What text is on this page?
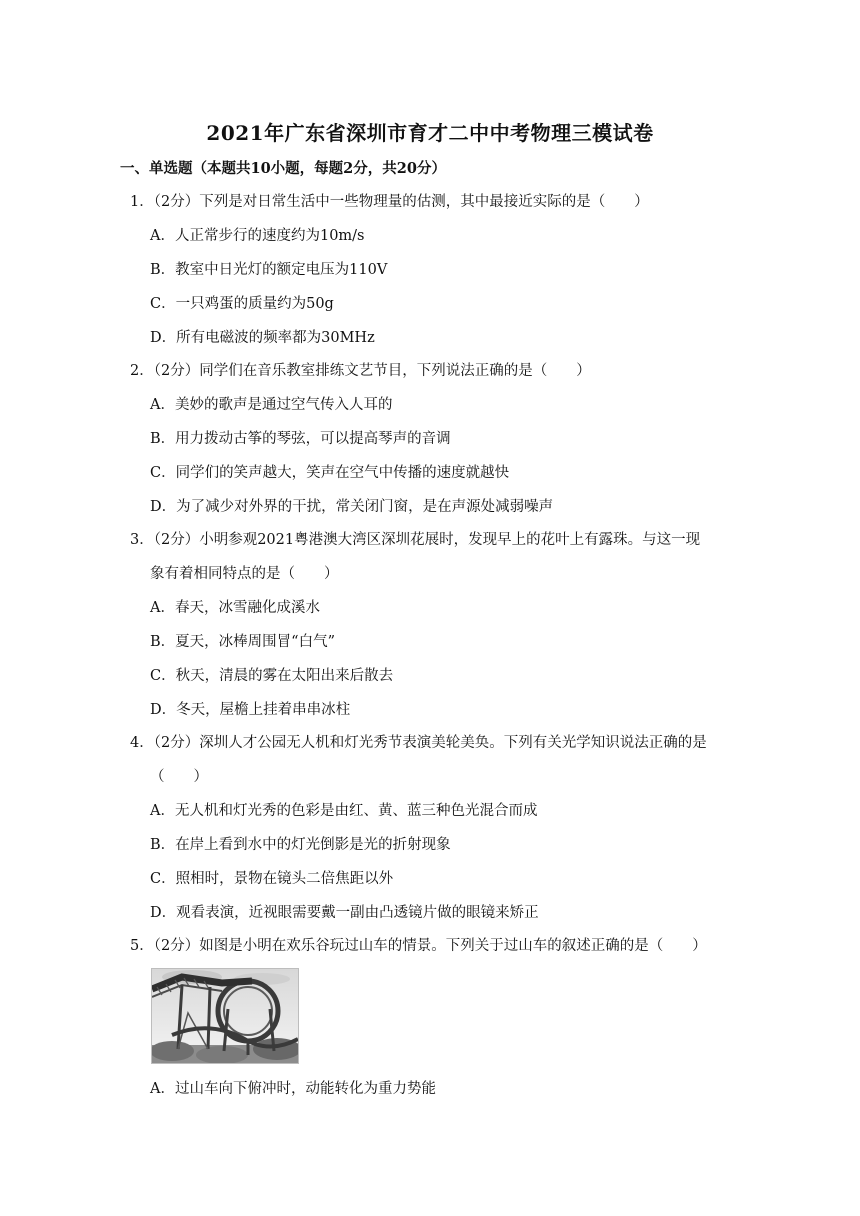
2021年广东省深圳市育才二中中考物理三模试卷
一、单选题（本题共10小题，每题2分，共20分）
1．（2分）下列是对日常生活中一些物理量的估测，其中最接近实际的是（　　）
A．人正常步行的速度约为10m/s
B．教室中日光灯的额定电压为110V
C．一只鸡蛋的质量约为50g
D．所有电磁波的频率都为30MHz
2．（2分）同学们在音乐教室排练文艺节目，下列说法正确的是（　　）
A．美妙的歌声是通过空气传入人耳的
B．用力拨动古筝的琴弦，可以提高琴声的音调
C．同学们的笑声越大，笑声在空气中传播的速度就越快
D．为了减少对外界的干扰，常关闭门窗，是在声源处减弱噪声
3．（2分）小明参观2021粤港澳大湾区深圳花展时，发现早上的花叶上有露珠。与这一现
象有着相同特点的是（　　）
A．春天，冰雪融化成溪水
B．夏天，冰棒周围冒“白气”
C．秋天，清晨的雾在太阳出来后散去
D．冬天，屋檐上挂着串串冰柱
4．（2分）深圳人才公园无人机和灯光秀节表演美轮美奂。下列有关光学知识说法正确的是
（　　）
A．无人机和灯光秀的色彩是由红、黄、蓝三种色光混合而成
B．在岸上看到水中的灯光倒影是光的折射现象
C．照相时，景物在镜头二倍焦距以外
D．观看表演，近视眼需要戴一副由凸透镜片做的眼镜来矫正
5．（2分）如图是小明在欢乐谷玩过山车的情景。下列关于过山车的叙述正确的是（　　）
A．过山车向下俯冲时，动能转化为重力势能
